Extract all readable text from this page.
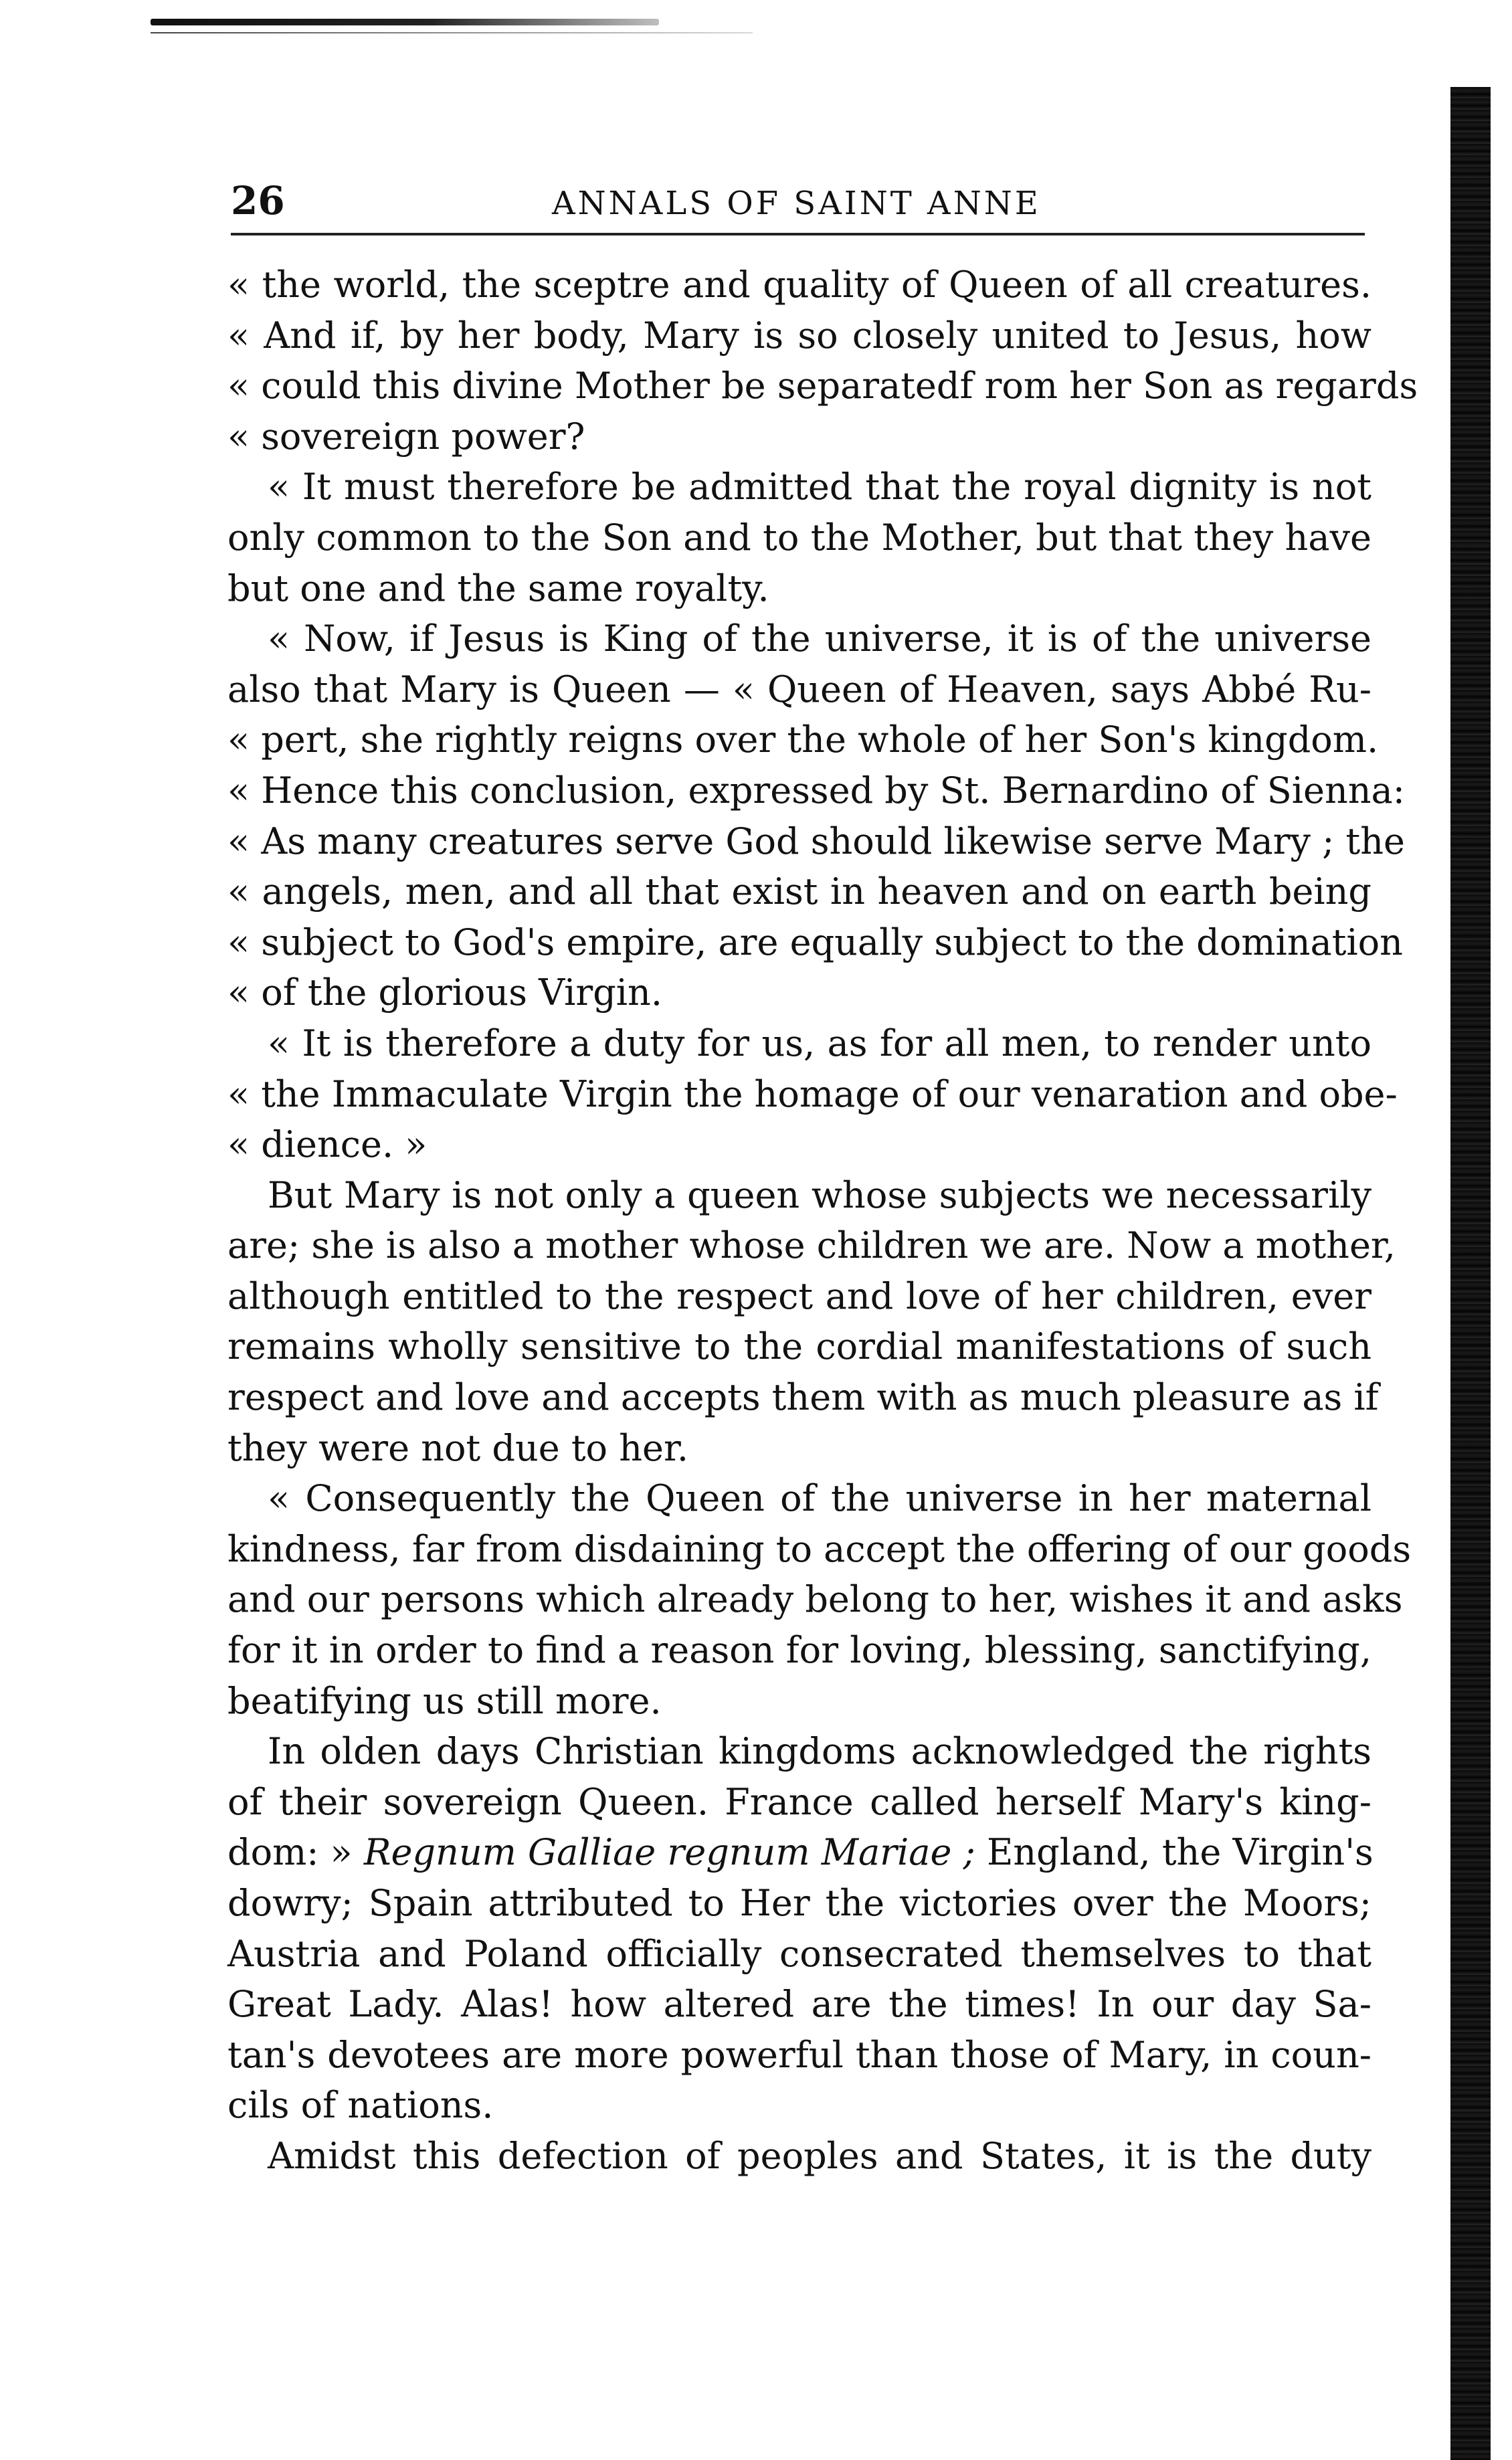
26	ANNALS OF SAINT ANNE
« the world, the sceptre and quality of Queen of all creatures.
« And if, by her body, Mary is so closely united to Jesus, how
« could this divine Mother be separatedf rom her Son as regards
« sovereign power?
« It must therefore be admitted that the royal dignity is not
only common to the Son and to the Mother, but that they have
but one and the same royalty.
« Now, if Jesus is King of the universe, it is of the universe
also that Mary is Queen — « Queen of Heaven, says Abbé Ru-
« pert, she rightly reigns over the whole of her Son's kingdom.
« Hence this conclusion, expressed by St. Bernardino of Sienna:
« As many creatures serve God should likewise serve Mary ; the
« angels, men, and all that exist in heaven and on earth being
« subject to God's empire, are equally subject to the domination
« of the glorious Virgin.
« It is therefore a duty for us, as for all men, to render unto
« the Immaculate Virgin the homage of our venaration and obe-
« dience. »
But Mary is not only a queen whose subjects we necessarily
are; she is also a mother whose children we are. Now a mother,
although entitled to the respect and love of her children, ever
remains wholly sensitive to the cordial manifestations of such
respect and love and accepts them with as much pleasure as if
they were not due to her.
« Consequently the Queen of the universe in her maternal
kindness, far from disdaining to accept the offering of our goods
and our persons which already belong to her, wishes it and asks
for it in order to find a reason for loving, blessing, sanctifying,
beatifying us still more.
In olden days Christian kingdoms acknowledged the rights
of their sovereign Queen. France called herself Mary's king-
dom: » Regnum Galliae regnum Mariae ; England, the Virgin's
dowry; Spain attributed to Her the victories over the Moors;
Austria and Poland officially consecrated themselves to that
Great Lady. Alas! how altered are the times! In our day Sa-
tan's devotees are more powerful than those of Mary, in coun-
cils of nations.
Amidst this defection of peoples and States, it is the duty
